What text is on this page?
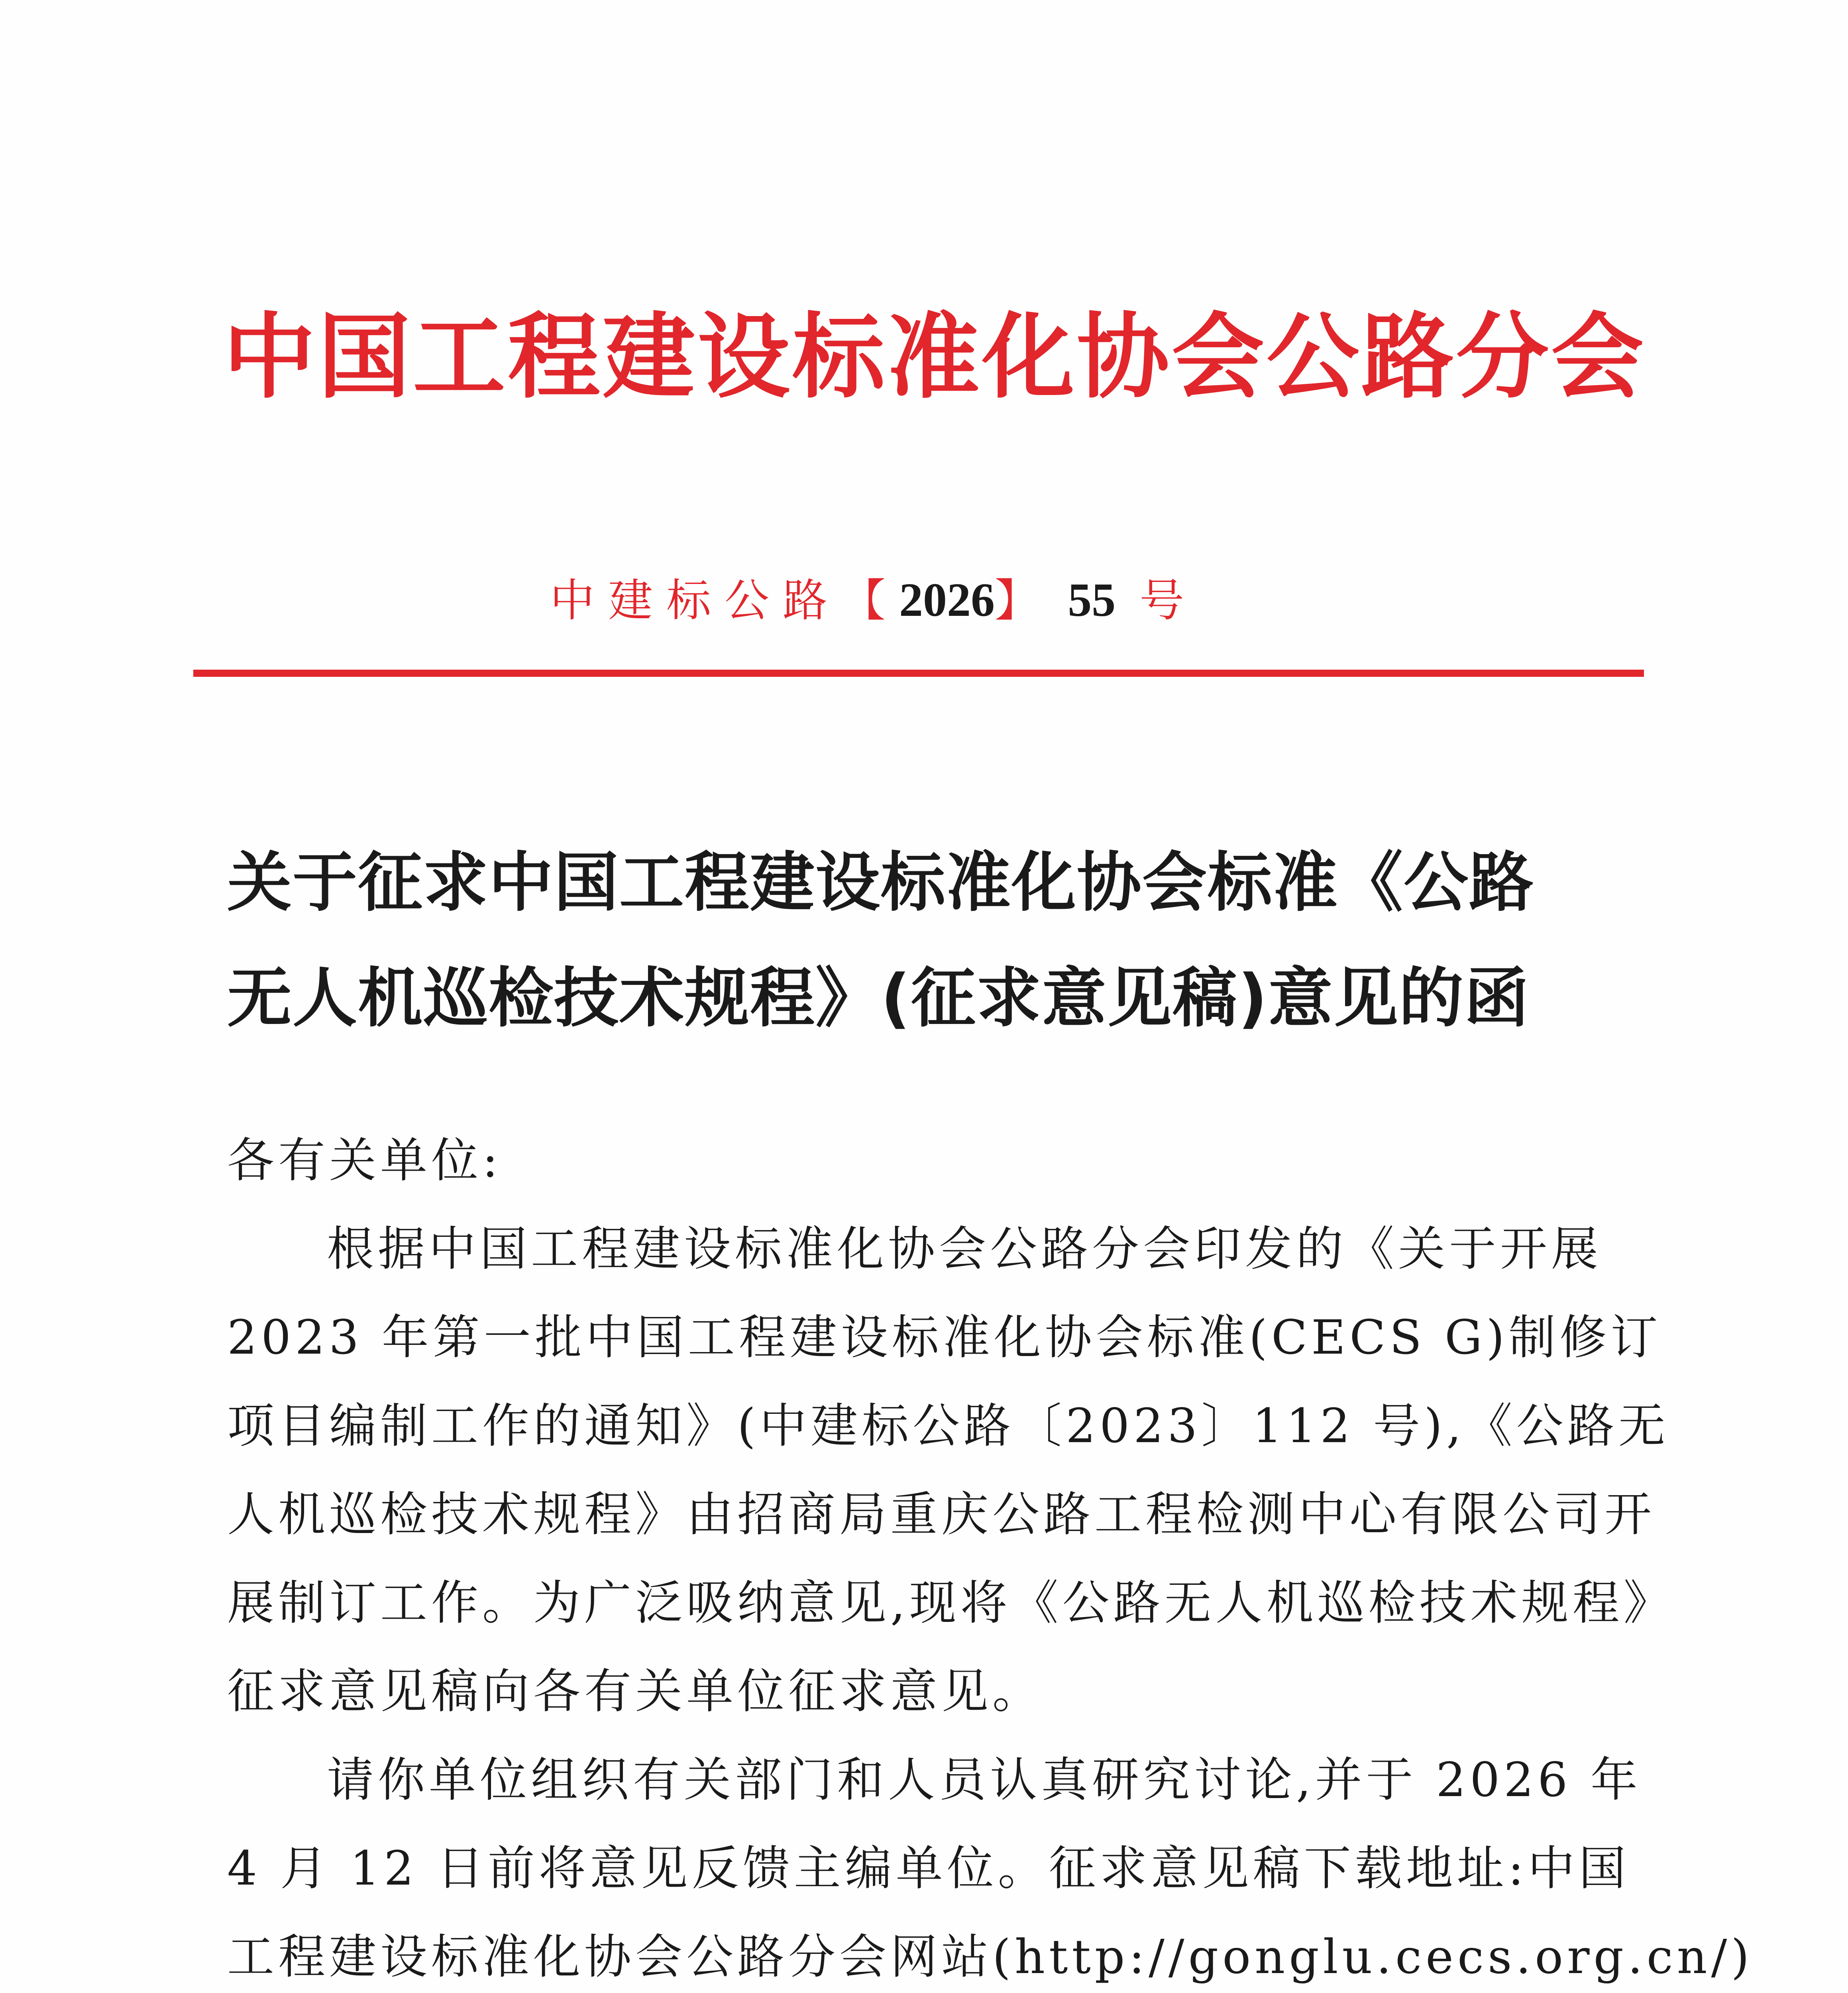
中国工程建设标准化协会公路分会
中建标公路【2026】 55 号
关于征求中国工程建设标准化协会标准《公路
无人机巡检技术规程》(征求意见稿)意见的函
各有关单位:
根据中国工程建设标准化协会公路分会印发的《关于开展
2023 年第一批中国工程建设标准化协会标准(CECS G)制修订
项目编制工作的通知》(中建标公路〔2023〕112 号),《公路无
人机巡检技术规程》由招商局重庆公路工程检测中心有限公司开
展制订工作。为广泛吸纳意见,现将《公路无人机巡检技术规程》
征求意见稿向各有关单位征求意见。
请你单位组织有关部门和人员认真研究讨论,并于 2026 年
4 月 12 日前将意见反馈主编单位。征求意见稿下载地址:中国
工程建设标准化协会公路分会网站(http://gonglu.cecs.org.cn/)
